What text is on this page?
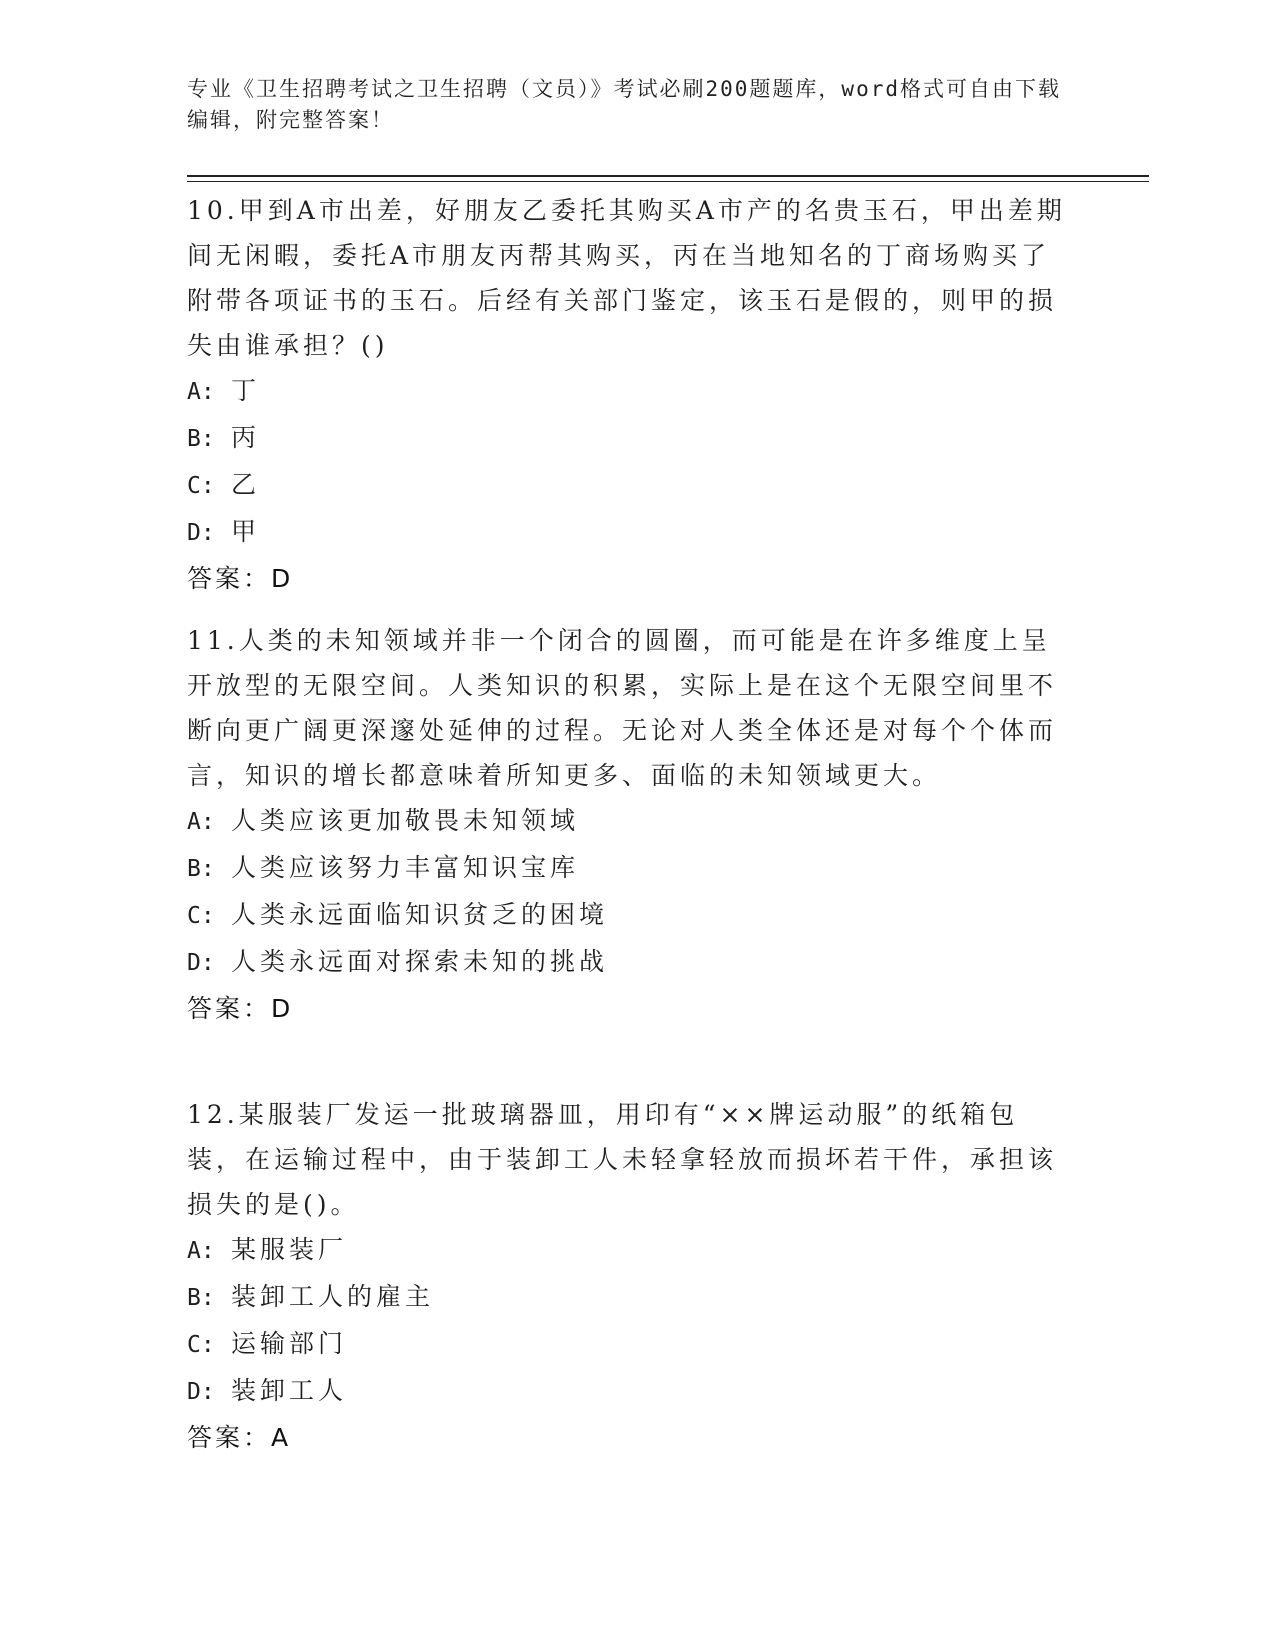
专业《卫生招聘考试之卫生招聘（文员）》考试必刷200题题库，word格式可自由下载编辑，附完整答案！

10.甲到A市出差，好朋友乙委托其购买A市产的名贵玉石，甲出差期间无闲暇，委托A市朋友丙帮其购买，丙在当地知名的丁商场购买了附带各项证书的玉石。后经有关部门鉴定，该玉石是假的，则甲的损失由谁承担？()

A: 丁

B: 丙

C: 乙

D: 甲

答案：D

11.人类的未知领域并非一个闭合的圆圈，而可能是在许多维度上呈开放型的无限空间。人类知识的积累，实际上是在这个无限空间里不断向更广阔更深邃处延伸的过程。无论对人类全体还是对每个个体而言，知识的增长都意味着所知更多、面临的未知领域更大。

A: 人类应该更加敬畏未知领域

B: 人类应该努力丰富知识宝库

C: 人类永远面临知识贫乏的困境

D: 人类永远面对探索未知的挑战

答案：D

12.某服装厂发运一批玻璃器皿，用印有“××牌运动服”的纸箱包装，在运输过程中，由于装卸工人未轻拿轻放而损坏若干件，承担该损失的是()。

A: 某服装厂

B: 装卸工人的雇主

C: 运输部门

D: 装卸工人

答案：A
